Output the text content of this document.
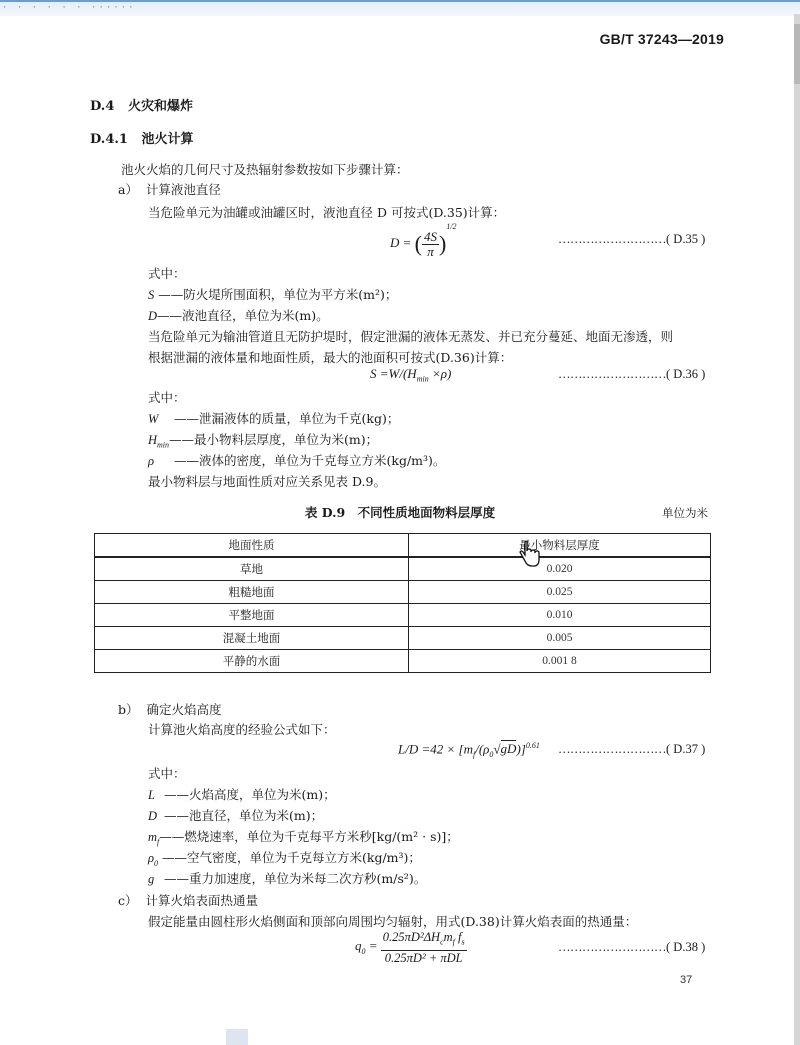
· · · · · · ······
GB/T 37243—2019
D.4 火灾和爆炸
D.4.1 池火计算
池火火焰的几何尺寸及热辐射参数按如下步骤计算：
a） 计算液池直径
当危险单元为油罐或油罐区时，液池直径 D 可按式(D.35)计算：
D = ( $\frac{4S}{\pi} )^{1/2}$
………………………( D.35 )
式中：
S ——防火堤所围面积，单位为平方米(m²)；
D——液池直径，单位为米(m)。
当危险单元为输油管道且无防护堤时，假定泄漏的液体无蒸发、并已充分蔓延、地面无渗透，则
根据泄漏的液体量和地面性质，最大的池面积可按式(D.36)计算：
$S =W/(H_{min} \times\rho)$	………………………( D.36 )
式中：
W ——泄漏液体的质量，单位为千克(kg)；
$H_{min}——$最小物料层厚度，单位为米(m)；
ρ ——液体的密度，单位为千克每立方米(kg/m³)。
最小物料层与地面性质对应关系见表 D.9。
表 D.9　不同性质地面物料层厚度	单位为米
地面性质	最小物料层厚度
草地	0.020
粗糙地面	0.025
平整地面	0.010
混凝土地面	0.005
平静的水面	0.001 8
b） 确定火焰高度
计算池火焰高度的经验公式如下：
$L/D =42 \times [m_f/(\rho_0√gD)]^{0.61}$ ………………………( D.37 )
式中：
L ——火焰高度，单位为米(m)；
D ——池直径，单位为米(m)；
$m_f——$燃烧速率，单位为千克每平方米秒[kg/(m² · s)]；
$\rho_0$ ——空气密度，单位为千克每立方米(kg/m³)；
g ——重力加速度，单位为米每二次方秒(m/s²)。
c） 计算火焰表面热通量
假定能量由圆柱形火焰侧面和顶部向周围均匀辐射，用式(D.38)计算火焰表面的热通量：
$q_0 = \frac{0.25\pi D^2\Delta H_cm_f f_s}{\text{0.25πD² + πDL}}$	………………………( D.38 )
37
